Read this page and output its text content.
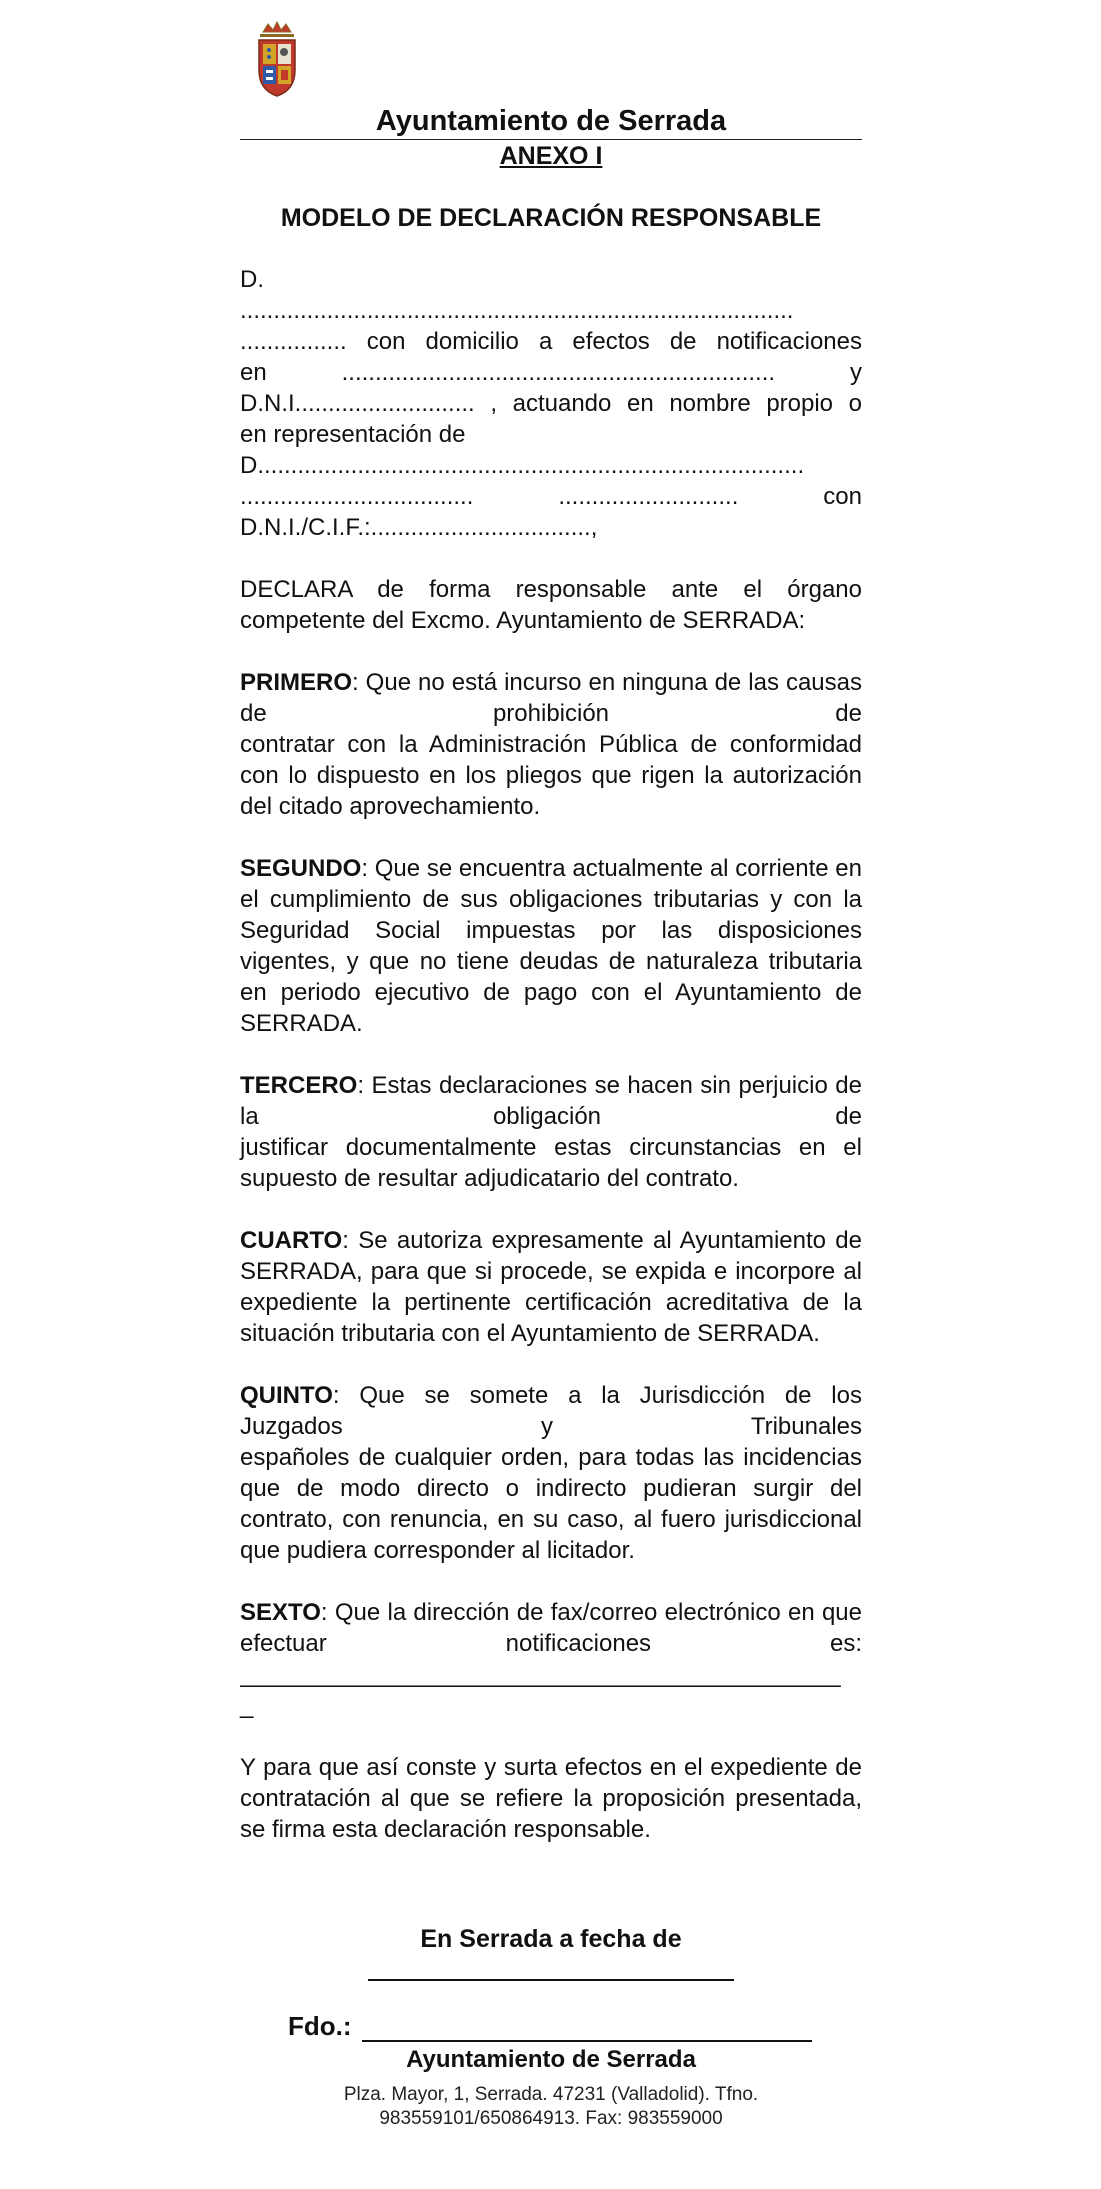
Ayuntamiento de Serrada
ANEXO I
MODELO DE DECLARACIÓN RESPONSABLE

D.
...................................................................................
................ con domicilio a efectos de notificaciones
en ................................................................. y
D.N.I........................... , actuando en nombre propio o
en representación de
D..................................................................................
................................... ........................... con
D.N.I./C.I.F.:.................................,

DECLARA de forma responsable ante el órgano competente del Excmo. Ayuntamiento de SERRADA:

PRIMERO: Que no está incurso en ninguna de las causas de prohibición de
contratar con la Administración Pública de conformidad con lo dispuesto en los pliegos que rigen la autorización del citado aprovechamiento.

SEGUNDO: Que se encuentra actualmente al corriente en el cumplimiento de sus obligaciones tributarias y con la Seguridad Social impuestas por las disposiciones vigentes, y que no tiene deudas de naturaleza tributaria en periodo ejecutivo de pago con el Ayuntamiento de SERRADA.

TERCERO: Estas declaraciones se hacen sin perjuicio de la obligación de
justificar documentalmente estas circunstancias en el supuesto de resultar adjudicatario del contrato.

CUARTO: Se autoriza expresamente al Ayuntamiento de SERRADA, para que si procede, se expida e incorpore al expediente la pertinente certificación acreditativa de la situación tributaria con el Ayuntamiento de SERRADA.

QUINTO: Que se somete a la Jurisdicción de los Juzgados y Tribunales
españoles de cualquier orden, para todas las incidencias que de modo directo o indirecto pudieran surgir del contrato, con renuncia, en su caso, al fuero jurisdiccional que pudiera corresponder al licitador.

SEXTO: Que la dirección de fax/correo electrónico en que efectuar notificaciones es:
_____________________________________________
_

Y para que así conste y surta efectos en el expediente de contratación al que se refiere la proposición presentada, se firma esta declaración responsable.

En Serrada a fecha de
Fdo.:
Ayuntamiento de Serrada
Plza. Mayor, 1, Serrada. 47231 (Valladolid). Tfno. 983559101/650864913. Fax: 983559000
